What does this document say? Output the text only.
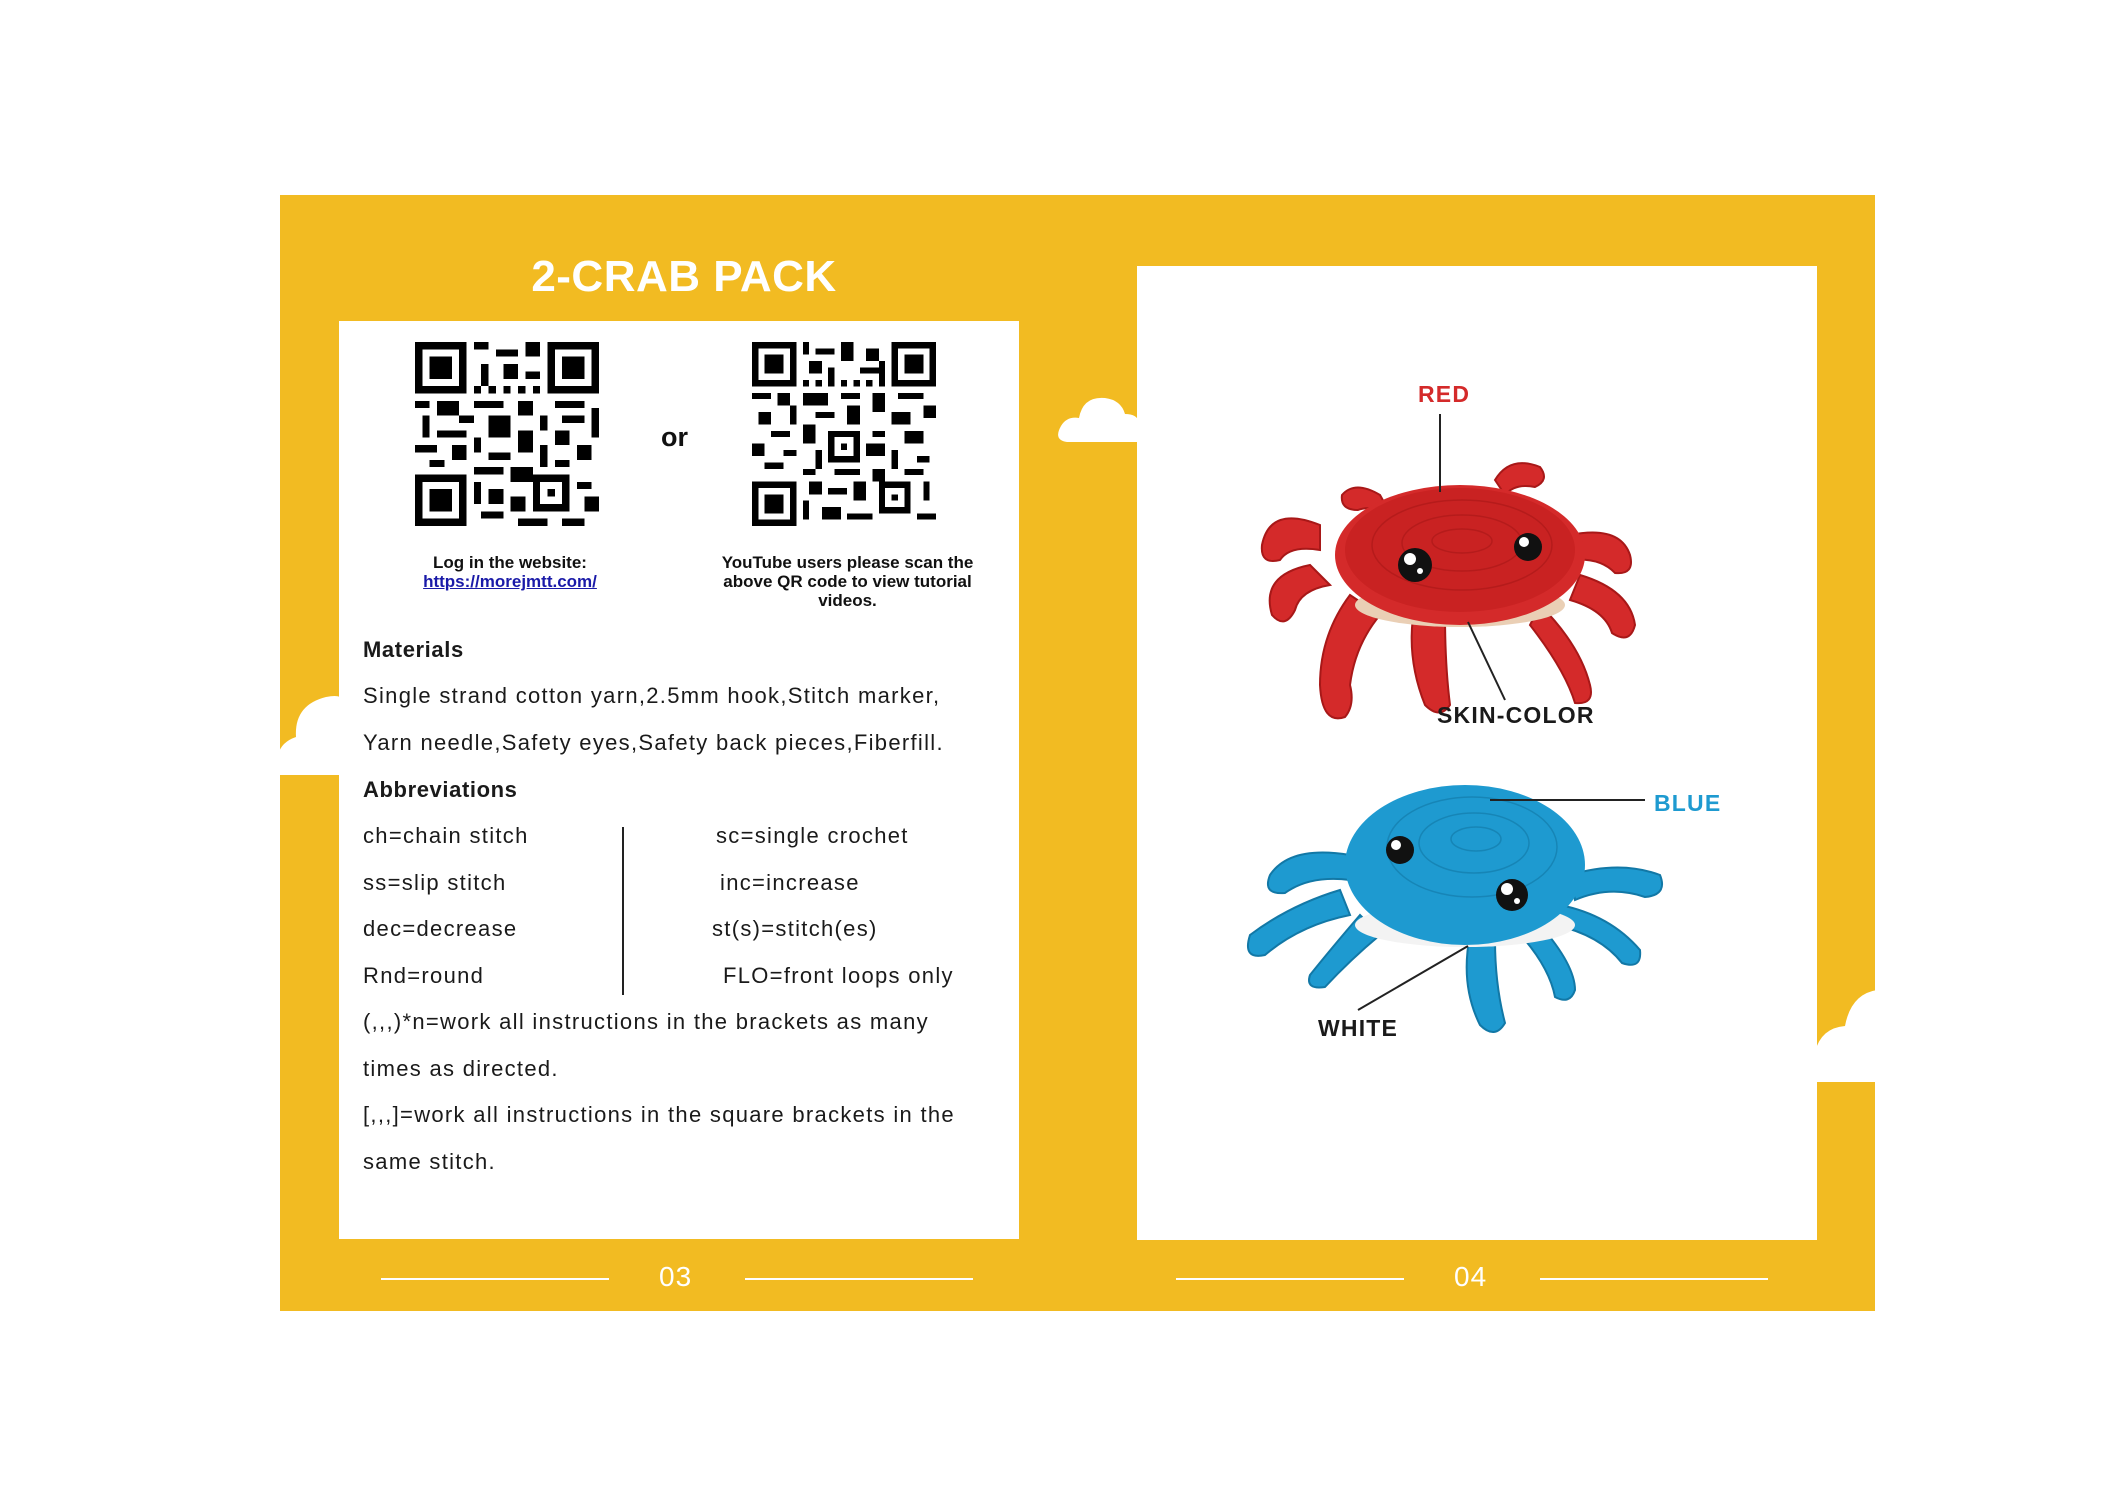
2-CRAB PACK
or
Log in the website:
https://morejmtt.com/
YouTube users please scan the
above QR code to view tutorial
videos.
Materials
Single strand cotton yarn,2.5mm hook,Stitch marker,
Yarn needle,Safety eyes,Safety back pieces,Fiberfill.
Abbreviations
ch=chain stitch
ss=slip stitch
dec=decrease
Rnd=round
sc=single crochet
inc=increase
st(s)=stitch(es)
FLO=front loops only
(,,,)*n=work all instructions in the brackets as many
times as directed.
[,,,]=work all instructions in the square brackets in the
same stitch.
RED
SKIN-COLOR
BLUE
WHITE
03	04
